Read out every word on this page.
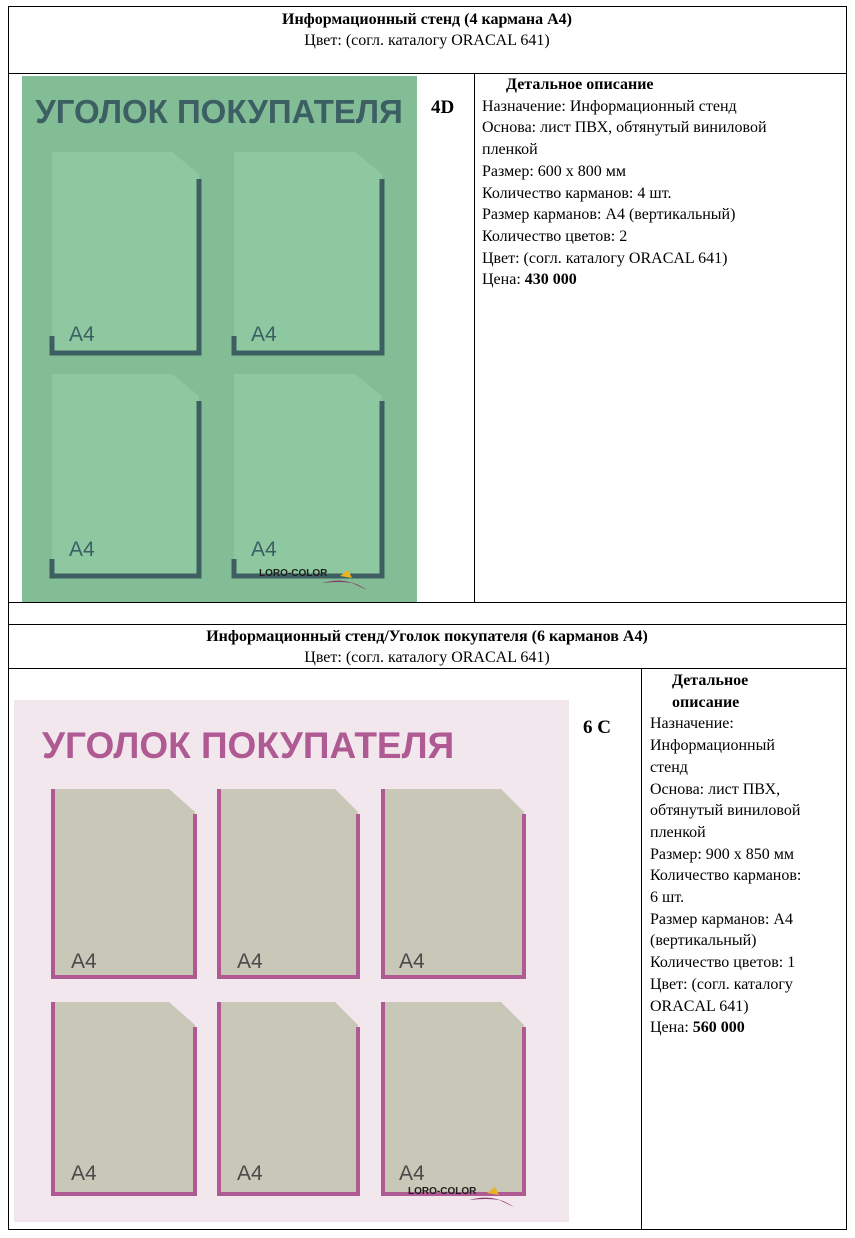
Информационный стенд (4 кармана А4)
Цвет: (согл. каталогу ORACAL 641)
УГОЛОК ПОКУПАТЕЛЯ
А4	А4
А4	А4
LORO-COLOR
4D
Детальное описание
Назначение: Информационный стенд
Основа: лист ПВХ, обтянутый виниловой
пленкой
Размер: 600 х 800 мм
Количество карманов: 4 шт.
Размер карманов: А4 (вертикальный)
Количество цветов: 2
Цвет: (согл. каталогу ORACAL 641)
Цена: 430 000
Информационный стенд/Уголок покупателя (6 карманов А4)
Цвет: (согл. каталогу ORACAL 641)
УГОЛОК ПОКУПАТЕЛЯ
А4	А4	А4
А4	А4	А4
LORO-COLOR
6 С
Детальное
описание
Назначение:
Информационный
стенд
Основа: лист ПВХ,
обтянутый виниловой
пленкой
Размер: 900 х 850 мм
Количество карманов:
6 шт.
Размер карманов: А4
(вертикальный)
Количество цветов: 1
Цвет: (согл. каталогу
ORACAL 641)
Цена: 560 000
